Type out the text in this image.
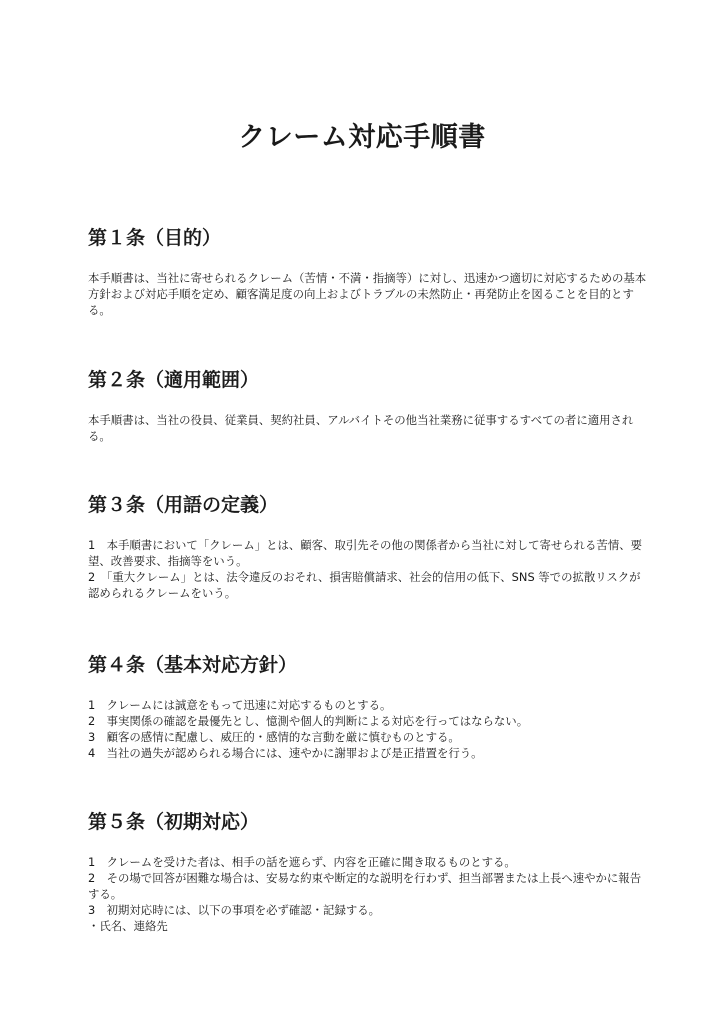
クレーム対応手順書
第１条（目的）

本手順書は、当社に寄せられるクレーム（苦情・不満・指摘等）に対し、迅速かつ適切に対応するための基本方針および対応手順を定め、顧客満足度の向上およびトラブルの未然防止・再発防止を図ることを目的とする。

第２条（適用範囲）

本手順書は、当社の役員、従業員、契約社員、アルバイトその他当社業務に従事するすべての者に適用される。

第３条（用語の定義）

1　本手順書において「クレーム」とは、顧客、取引先その他の関係者から当社に対して寄せられる苦情、要望、改善要求、指摘等をいう。

2　「重大クレーム」とは、法令違反のおそれ、損害賠償請求、社会的信用の低下、SNS 等での拡散リスクが認められるクレームをいう。

第４条（基本対応方針）

1　クレームには誠意をもって迅速に対応するものとする。

2　事実関係の確認を最優先とし、憶測や個人的判断による対応を行ってはならない。

3　顧客の感情に配慮し、威圧的・感情的な言動を厳に慎むものとする。

4　当社の過失が認められる場合には、速やかに謝罪および是正措置を行う。

第５条（初期対応）

1　クレームを受けた者は、相手の話を遮らず、内容を正確に聞き取るものとする。

2　その場で回答が困難な場合は、安易な約束や断定的な説明を行わず、担当部署または上長へ速やかに報告する。

3　初期対応時には、以下の事項を必ず確認・記録する。

・氏名、連絡先
